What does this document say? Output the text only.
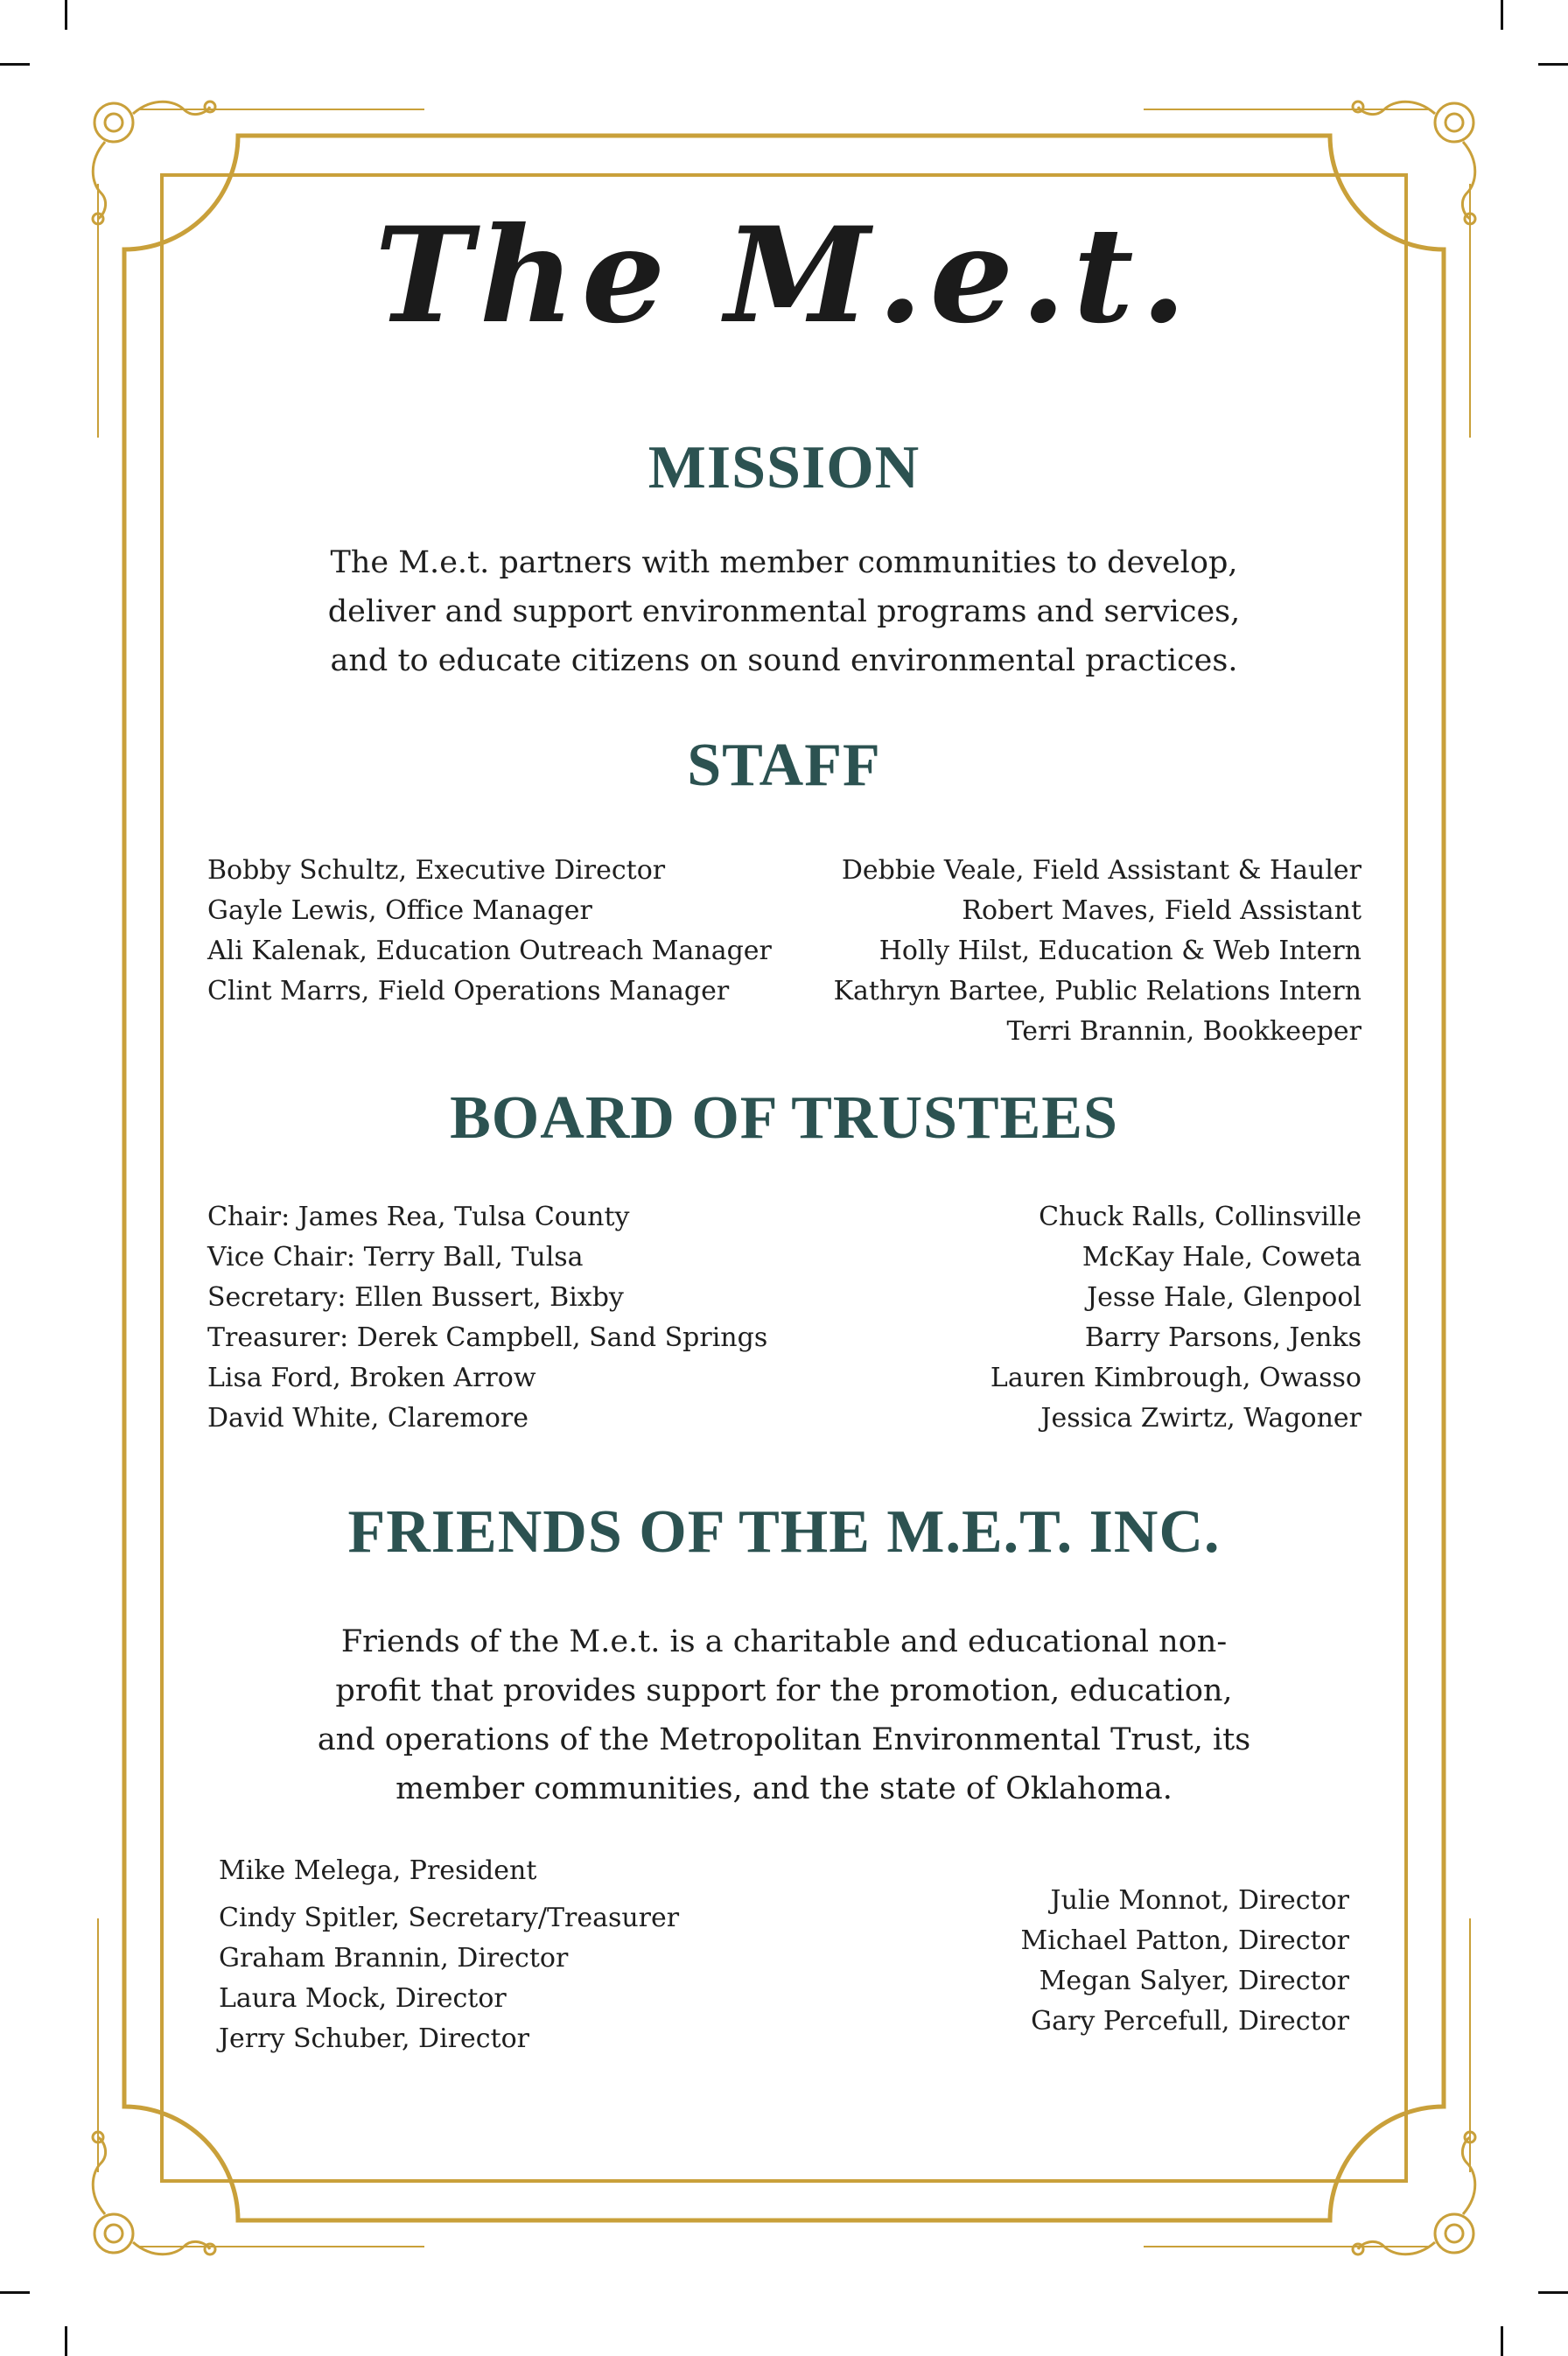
The M.e.t.
MISSION
The M.e.t. partners with member communities to develop,
deliver and support environmental programs and services,
and to educate citizens on sound environmental practices.
STAFF
Bobby Schultz, Executive Director
Gayle Lewis, Office Manager
Ali Kalenak, Education Outreach Manager
Clint Marrs, Field Operations Manager
Debbie Veale, Field Assistant & Hauler
Robert Maves, Field Assistant
Holly Hilst, Education & Web Intern
Kathryn Bartee, Public Relations Intern
Terri Brannin, Bookkeeper
BOARD OF TRUSTEES
Chair: James Rea, Tulsa County
Vice Chair: Terry Ball, Tulsa
Secretary: Ellen Bussert, Bixby
Treasurer: Derek Campbell, Sand Springs
Lisa Ford, Broken Arrow
David White, Claremore
Chuck Ralls, Collinsville
McKay Hale, Coweta
Jesse Hale, Glenpool
Barry Parsons, Jenks
Lauren Kimbrough, Owasso
Jessica Zwirtz, Wagoner
FRIENDS OF THE M.E.T. INC.
Friends of the M.e.t. is a charitable and educational non-
profit that provides support for the promotion, education,
and operations of the Metropolitan Environmental Trust, its
member communities, and the state of Oklahoma.
Mike Melega, President
Cindy Spitler, Secretary/Treasurer
Graham Brannin, Director
Laura Mock, Director
Jerry Schuber, Director
Julie Monnot, Director
Michael Patton, Director
Megan Salyer, Director
Gary Percefull, Director
